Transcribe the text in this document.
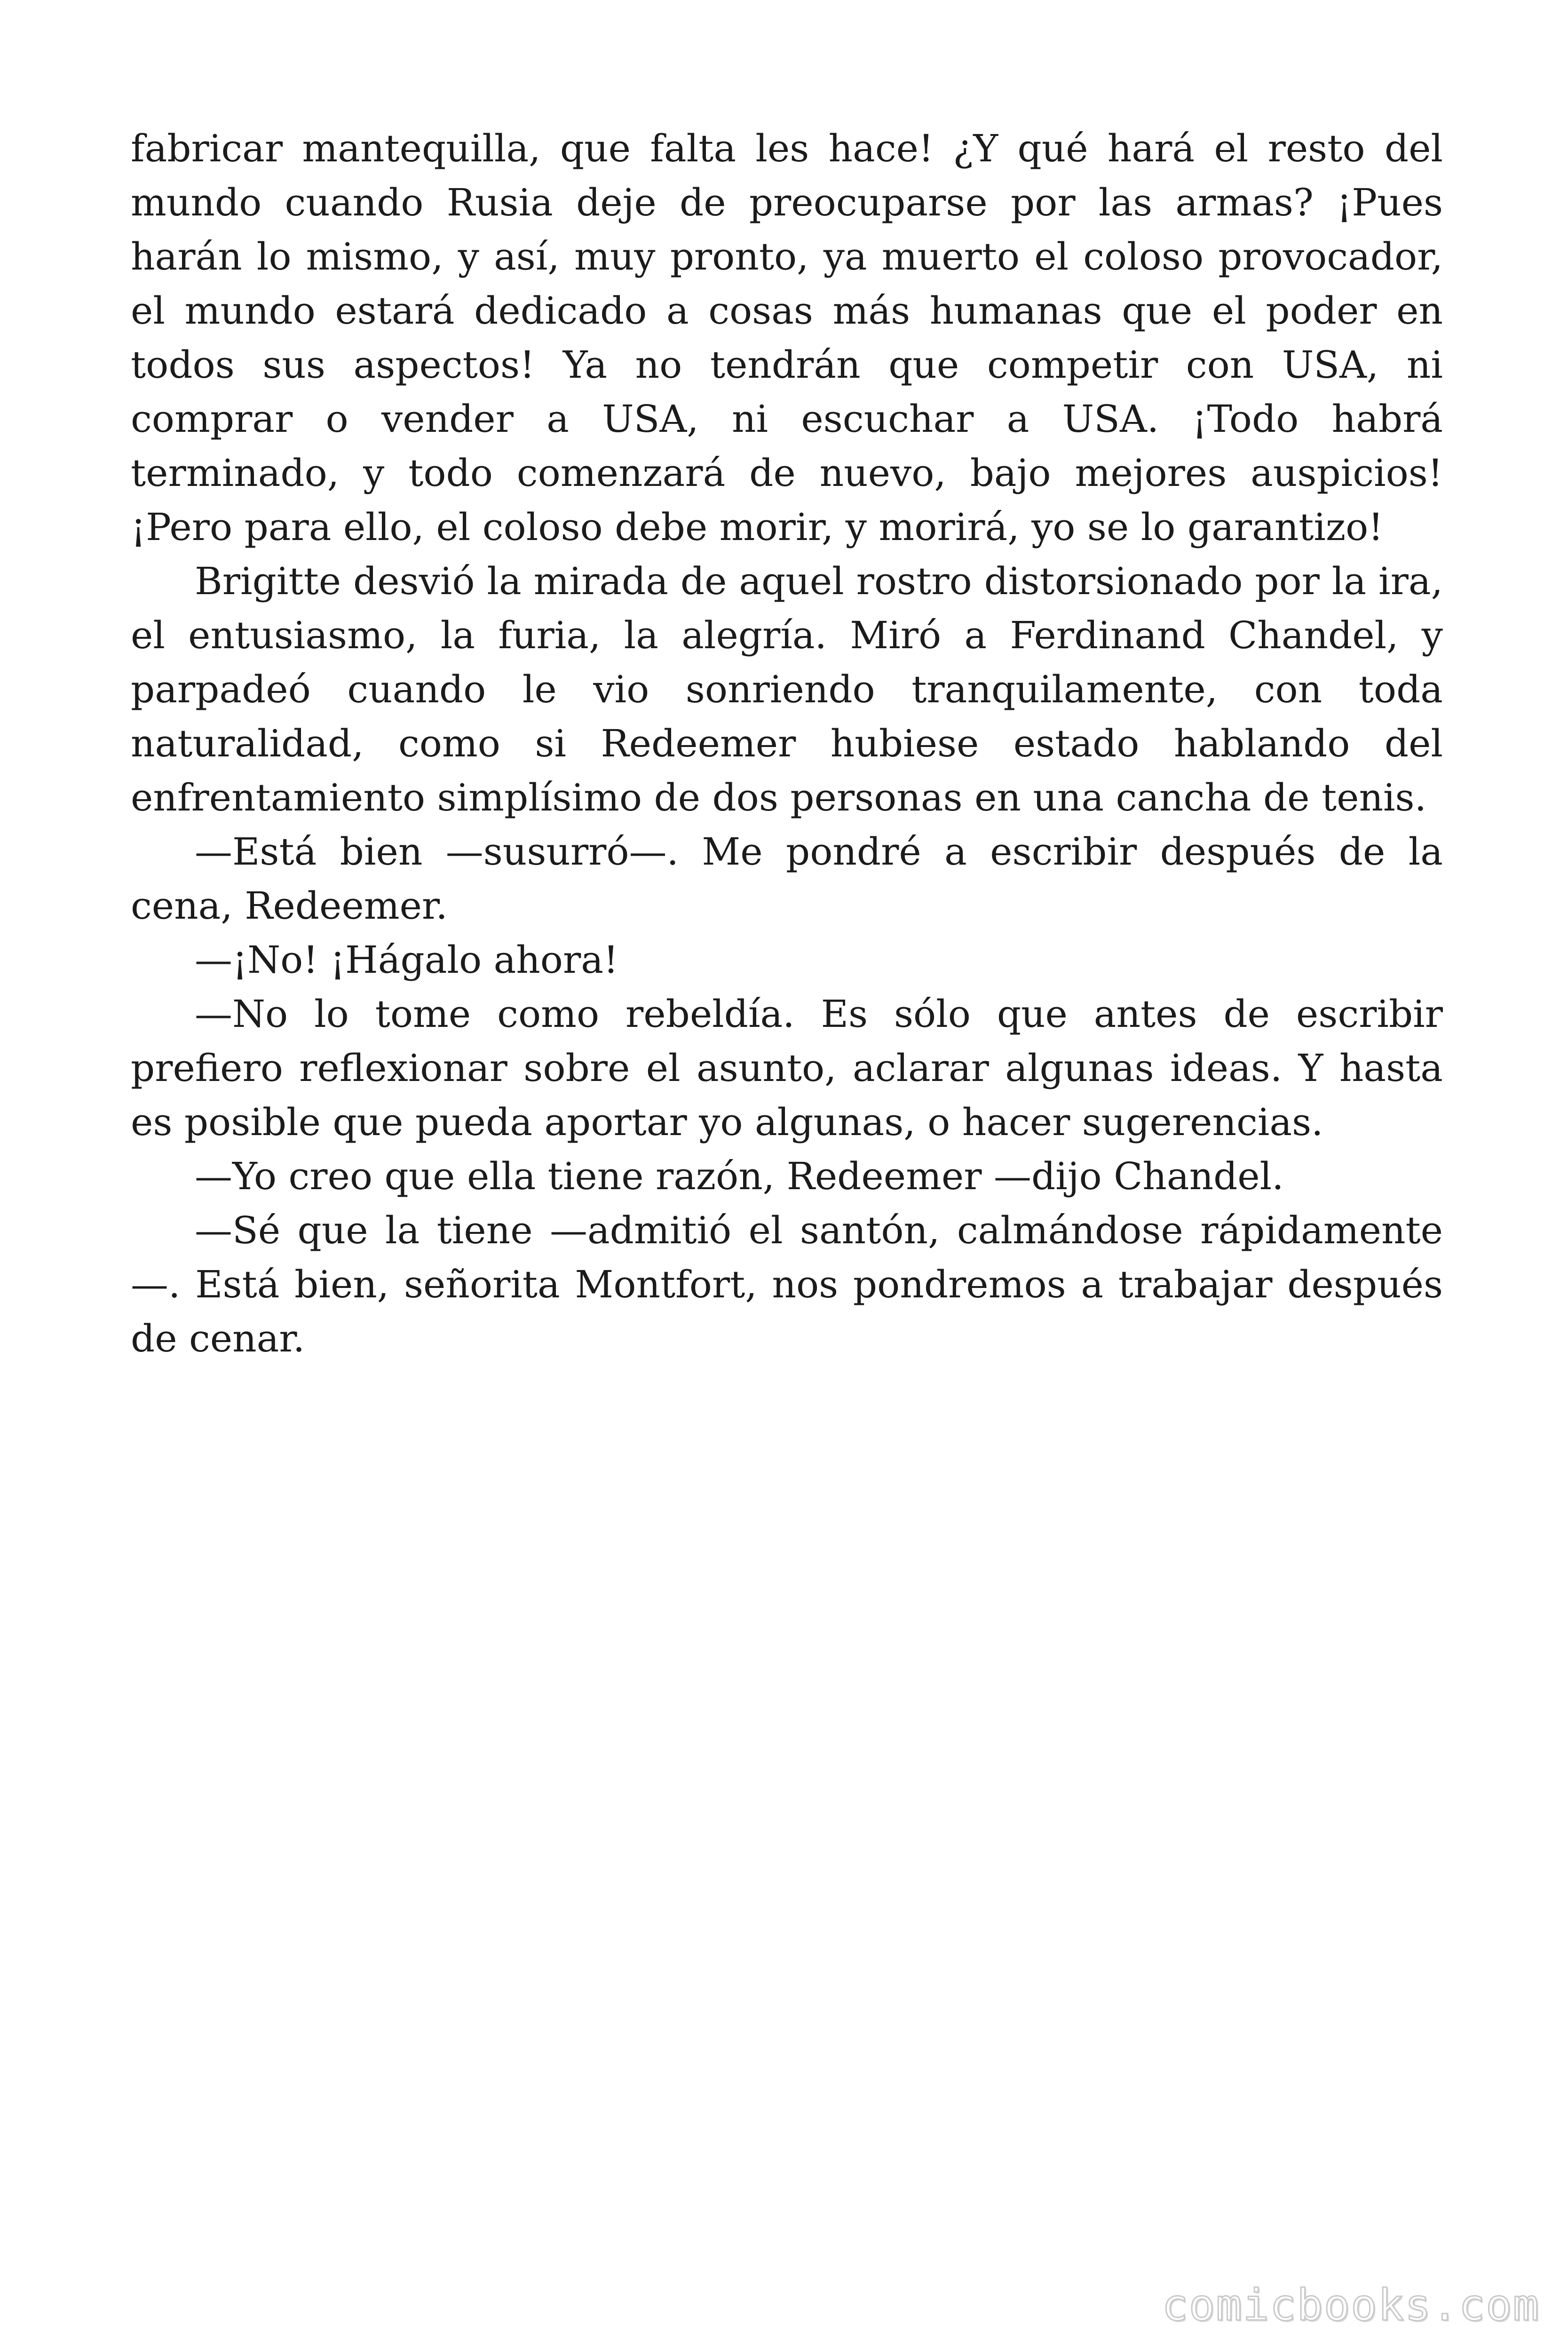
fabricar mantequilla, que falta les hace! ¿Y qué hará el resto del mundo cuando Rusia deje de preocuparse por las armas? ¡Pues harán lo mismo, y así, muy pronto, ya muerto el coloso provocador, el mundo estará dedicado a cosas más humanas que el poder en todos sus aspectos! Ya no tendrán que competir con USA, ni comprar o vender a USA, ni escuchar a USA. ¡Todo habrá terminado, y todo comenzará de nuevo, bajo mejores auspicios! ¡Pero para ello, el coloso debe morir, y morirá, yo se lo garantizo!

Brigitte desvió la mirada de aquel rostro distorsionado por la ira, el entusiasmo, la furia, la alegría. Miró a Ferdinand Chandel, y parpadeó cuando le vio sonriendo tranquilamente, con toda naturalidad, como si Redeemer hubiese estado hablando del enfrentamiento simplísimo de dos personas en una cancha de tenis.

—Está bien —susurró—. Me pondré a escribir después de la cena, Redeemer.

—¡No! ¡Hágalo ahora!

—No lo tome como rebeldía. Es sólo que antes de escribir prefiero reflexionar sobre el asunto, aclarar algunas ideas. Y hasta es posible que pueda aportar yo algunas, o hacer sugerencias.

—Yo creo que ella tiene razón, Redeemer —dijo Chandel.

—Sé que la tiene —admitió el santón, calmándose rápidamente —. Está bien, señorita Montfort, nos pondremos a trabajar después de cenar.

comicbooks.com
